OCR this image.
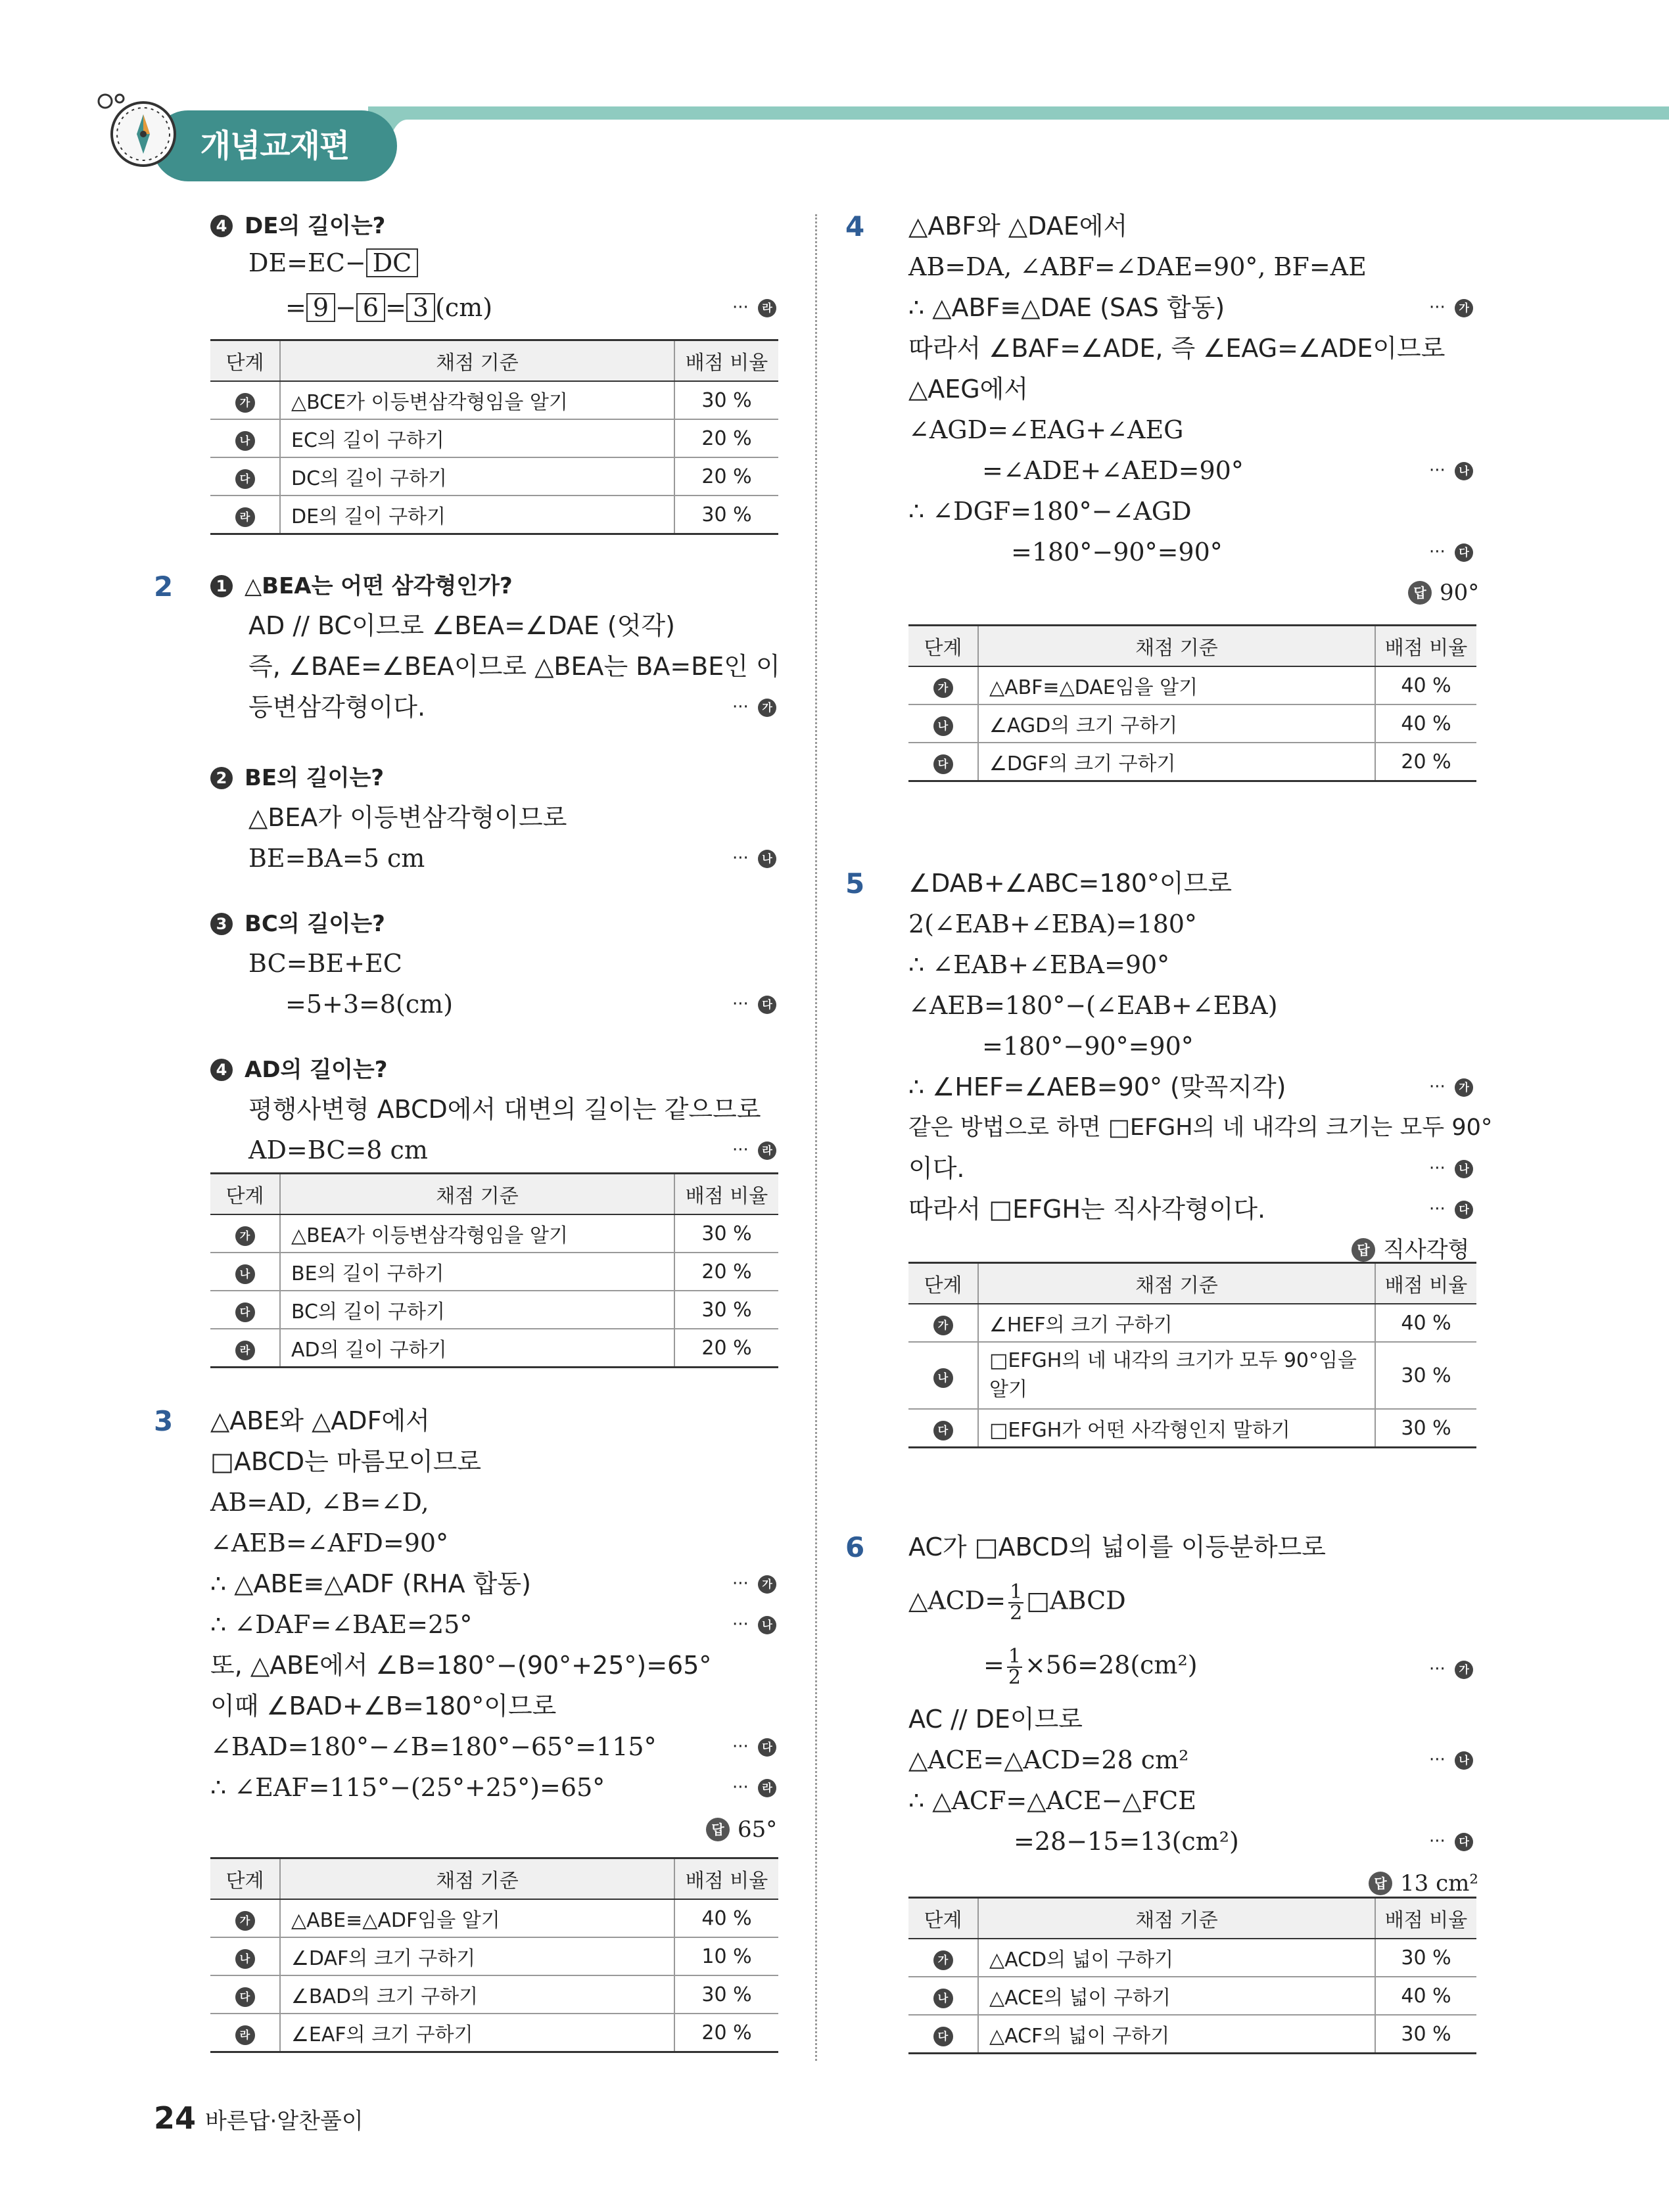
개념교재편
4 DE의 길이는?
DE=EC− DC
= 9 − 6 = 3 (cm)	··· 라
단계	채점 기준	배점 비율
가	△BCE가 이등변삼각형임을 알기	30 %
나	EC의 길이 구하기	20 %
다	DC의 길이 구하기	20 %
라	DE의 길이 구하기	30 %
2	1 △BEA는 어떤 삼각형인가?
AD // BC이므로 ∠BEA=∠DAE (엇각)
즉, ∠BAE=∠BEA이므로 △BEA는 BA=BE인 이
등변삼각형이다.	··· 가
2 BE의 길이는?
△BEA가 이등변삼각형이므로
BE=BA=5 cm	··· 나
3 BC의 길이는?
BC=BE+EC
=5+3=8(cm)	··· 다
4 AD의 길이는?
평행사변형 ABCD에서 대변의 길이는 같으므로
AD=BC=8 cm	··· 라
단계	채점 기준	배점 비율
가	△BEA가 이등변삼각형임을 알기	30 %
나	BE의 길이 구하기	20 %
다	BC의 길이 구하기	30 %
라	AD의 길이 구하기	20 %
3 △ABE와 △ADF에서
□ABCD는 마름모이므로
AB=AD, ∠B=∠D,
∠AEB=∠AFD=90°
∴ △ABE≡△ADF (RHA 합동)	··· 가
∴ ∠DAF=∠BAE=25°	··· 나
또, △ABE에서 ∠B=180°−(90°+25°)=65°
이때 ∠BAD+∠B=180°이므로
∠BAD=180°−∠B=180°−65°=115°	··· 다
∴ ∠EAF=115°−(25°+25°)=65°	··· 라
답 65°
단계	채점 기준	배점 비율
가	△ABE≡△ADF임을 알기	40 %
나	∠DAF의 크기 구하기	10 %
다	∠BAD의 크기 구하기	30 %
라	∠EAF의 크기 구하기	20 %
4 △ABF와 △DAE에서
AB=DA, ∠ABF=∠DAE=90°, BF=AE
∴ △ABF≡△DAE (SAS 합동)	··· 가
따라서 ∠BAF=∠ADE, 즉 ∠EAG=∠ADE이므로
△AEG에서
∠AGD=∠EAG+∠AEG
=∠ADE+∠AED=90°	··· 나
∴ ∠DGF=180°−∠AGD
=180°−90°=90°	··· 다
답 90°
단계	채점 기준	배점 비율
가	△ABF≡△DAE임을 알기	40 %
나	∠AGD의 크기 구하기	40 %
다	∠DGF의 크기 구하기	20 %
5 ∠DAB+∠ABC=180°이므로
2(∠EAB+∠EBA)=180°
∴ ∠EAB+∠EBA=90°
∠AEB=180°−(∠EAB+∠EBA)
=180°−90°=90°
∴ ∠HEF=∠AEB=90° (맞꼭지각)	··· 가
같은 방법으로 하면 □EFGH의 네 내각의 크기는 모두 90°
이다.	··· 나
따라서 □EFGH는 직사각형이다.	··· 다
답 직사각형
단계	채점 기준	배점 비율
가	∠HEF의 크기 구하기	40 %
나	□EFGH의 네 내각의 크기가 모두 90°임을 알기	30 %
다	□EFGH가 어떤 사각형인지 말하기	30 %
6 AC가 □ABCD의 넓이를 이등분하므로
△ACD= $\frac{1}{2}$ □ABCD
= $\frac{1}{2} \times 56=28(cm^2)$	··· 가
AC // DE이므로
△ACE=△ACD=28 cm²	··· 나
∴ △ACF=△ACE−△FCE
=28−15=13(cm²)	··· 다
답 13 cm²
단계	채점 기준	배점 비율
가	△ACD의 넓이 구하기	30 %
나	△ACE의 넓이 구하기	40 %
다	△ACF의 넓이 구하기	30 %
24 바른답·알찬풀이
